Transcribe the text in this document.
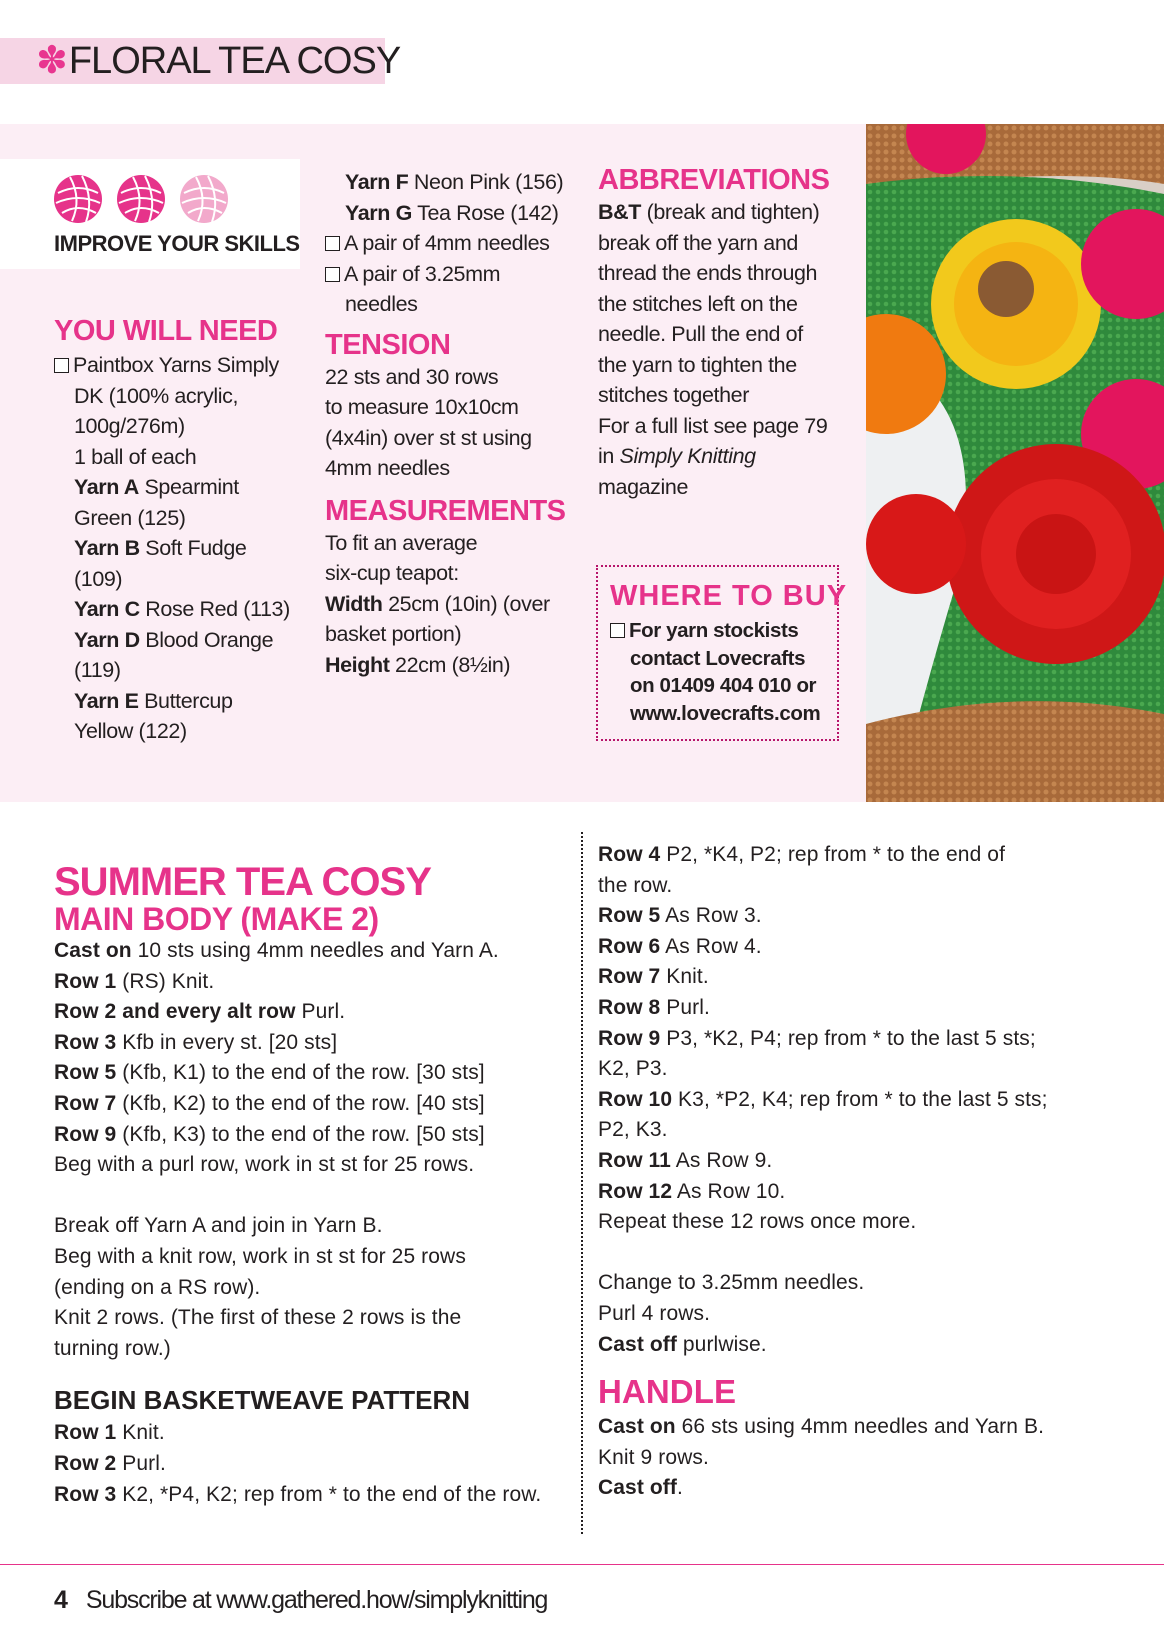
✽FLORAL TEA COSY
IMPROVE YOUR SKILLS
YOU WILL NEED

Paintbox Yarns Simply

DK (100% acrylic,

100g/276m)

1 ball of each

Yarn A Spearmint

Green (125)

Yarn B Soft Fudge

(109)

Yarn C Rose Red (113)

Yarn D Blood Orange

(119)

Yarn E Buttercup

Yellow (122)

Yarn F Neon Pink (156)

Yarn G Tea Rose (142)

A pair of 4mm needles

A pair of 3.25mm

needles

TENSION

22 sts and 30 rows

to measure 10x10cm

(4x4in) over st st using

4mm needles

MEASUREMENTS

To fit an average

six-cup teapot:

Width 25cm (10in) (over

basket portion)

Height 22cm (8½in)

ABBREVIATIONS

B&T (break and tighten)

break off the yarn and

thread the ends through

the stitches left on the

needle. Pull the end of

the yarn to tighten the

stitches together

For a full list see page 79

in Simply Knitting

magazine

WHERE TO BUY

For yarn stockists

contact Lovecrafts

on 01409 404 010 or

www.lovecrafts.com

SUMMER TEA COSY
MAIN BODY (MAKE 2)

Cast on 10 sts using 4mm needles and Yarn A.

Row 1 (RS) Knit.

Row 2 and every alt row Purl.

Row 3 Kfb in every st. [20 sts]

Row 5 (Kfb, K1) to the end of the row. [30 sts]

Row 7 (Kfb, K2) to the end of the row. [40 sts]

Row 9 (Kfb, K3) to the end of the row. [50 sts]

Beg with a purl row, work in st st for 25 rows.

Break off Yarn A and join in Yarn B.

Beg with a knit row, work in st st for 25 rows

(ending on a RS row).

Knit 2 rows. (The first of these 2 rows is the

turning row.)

BEGIN BASKETWEAVE PATTERN

Row 1 Knit.

Row 2 Purl.

Row 3 K2, *P4, K2; rep from * to the end of the row.

Row 4 P2, *K4, P2; rep from * to the end of

the row.

Row 5 As Row 3.

Row 6 As Row 4.

Row 7 Knit.

Row 8 Purl.

Row 9 P3, *K2, P4; rep from * to the last 5 sts;

K2, P3.

Row 10 K3, *P2, K4; rep from * to the last 5 sts;

P2, K3.

Row 11 As Row 9.

Row 12 As Row 10.

Repeat these 12 rows once more.

Change to 3.25mm needles.

Purl 4 rows.

Cast off purlwise.

HANDLE

Cast on 66 sts using 4mm needles and Yarn B.

Knit 9 rows.

Cast off.

4 Subscribe at www.gathered.how/simplyknitting
